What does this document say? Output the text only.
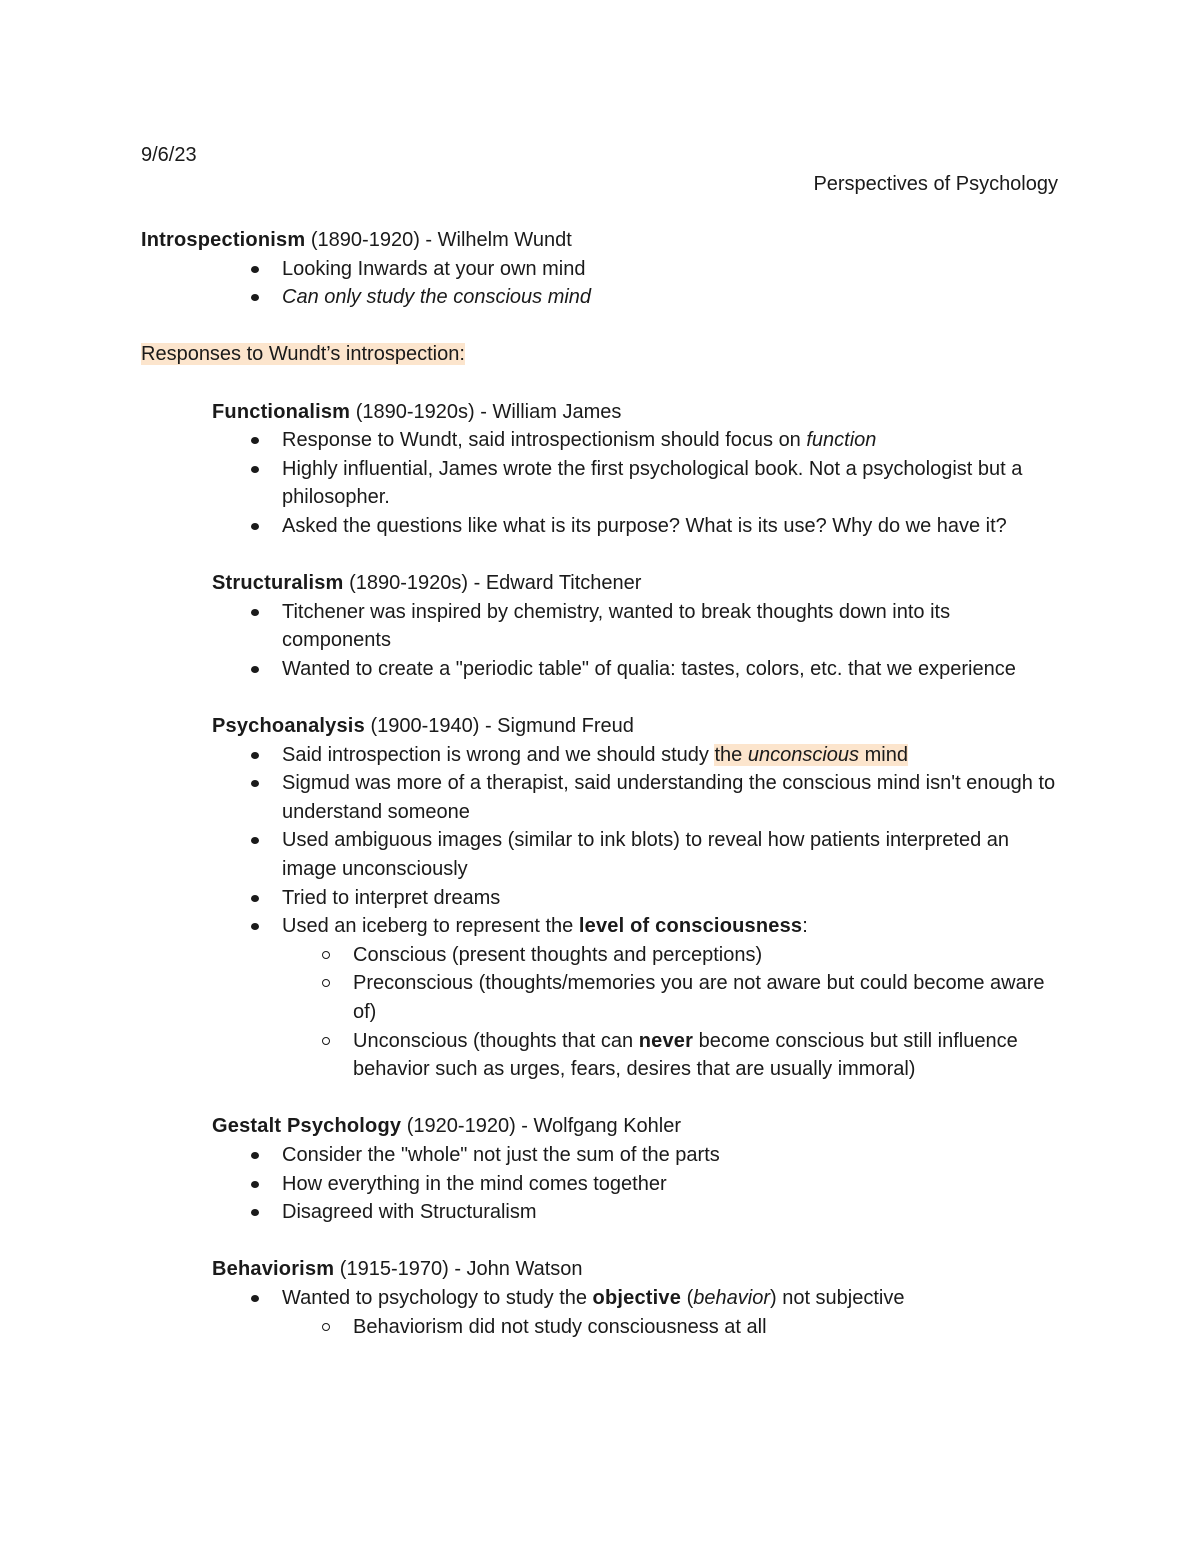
9/6/23
Perspectives of Psychology

Introspectionism (1890-1920) - Wilhelm Wundt

Looking Inwards at your own mind
Can only study the conscious mind

Responses to Wundt’s introspection:

Functionalism (1890-1920s) - William James

Response to Wundt, said introspectionism should focus on function
Highly influential, James wrote the first psychological book. Not a psychologist but a philosopher.
Asked the questions like what is its purpose? What is its use? Why do we have it?

Structuralism (1890-1920s) - Edward Titchener

Titchener was inspired by chemistry, wanted to break thoughts down into its components
Wanted to create a "periodic table" of qualia: tastes, colors, etc. that we experience

Psychoanalysis (1900-1940) - Sigmund Freud

Said introspection is wrong and we should study the unconscious mind
Sigmud was more of a therapist, said understanding the conscious mind isn't enough to understand someone
Used ambiguous images (similar to ink blots) to reveal how patients interpreted an image unconsciously
Tried to interpret dreams
Used an iceberg to represent the level of consciousness:
Conscious (present thoughts and perceptions)
Preconscious (thoughts/memories you are not aware but could become aware of)
Unconscious (thoughts that can never become conscious but still influence behavior such as urges, fears, desires that are usually immoral)

Gestalt Psychology (1920-1920) - Wolfgang Kohler

Consider the "whole" not just the sum of the parts
How everything in the mind comes together
Disagreed with Structuralism

Behaviorism (1915-1970) - John Watson

Wanted to psychology to study the objective (behavior) not subjective
Behaviorism did not study consciousness at all
